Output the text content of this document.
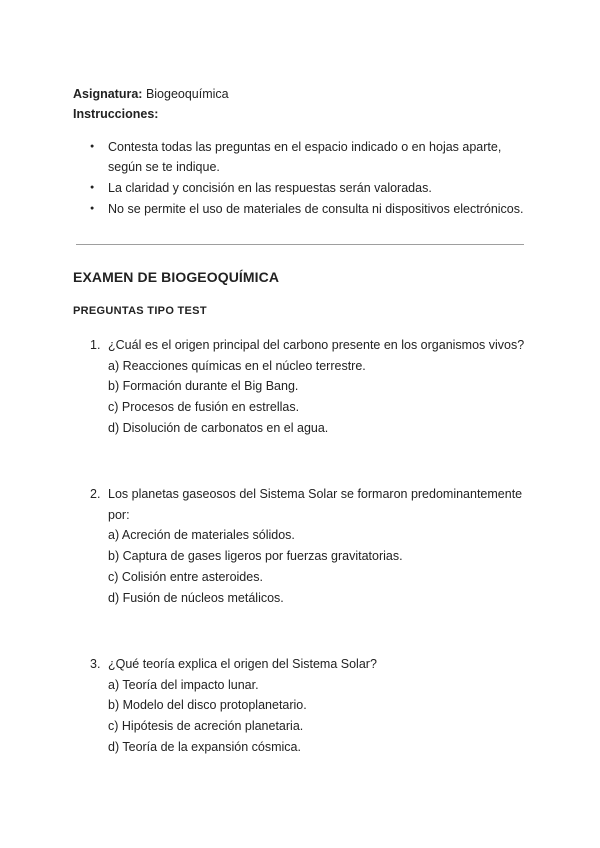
Asignatura: Biogeoquímica
Instrucciones:
● Contesta todas las preguntas en el espacio indicado o en hojas aparte, según se te indique.
● La claridad y concisión en las respuestas serán valoradas.
● No se permite el uso de materiales de consulta ni dispositivos electrónicos.
EXAMEN DE BIOGEOQUÍMICA
PREGUNTAS TIPO TEST
1. ¿Cuál es el origen principal del carbono presente en los organismos vivos?
a) Reacciones químicas en el núcleo terrestre.
b) Formación durante el Big Bang.
c) Procesos de fusión en estrellas.
d) Disolución de carbonatos en el agua.
2. Los planetas gaseosos del Sistema Solar se formaron predominantemente por:
a) Acreción de materiales sólidos.
b) Captura de gases ligeros por fuerzas gravitatorias.
c) Colisión entre asteroides.
d) Fusión de núcleos metálicos.
3. ¿Qué teoría explica el origen del Sistema Solar?
a) Teoría del impacto lunar.
b) Modelo del disco protoplanetario.
c) Hipótesis de acreción planetaria.
d) Teoría de la expansión cósmica.
